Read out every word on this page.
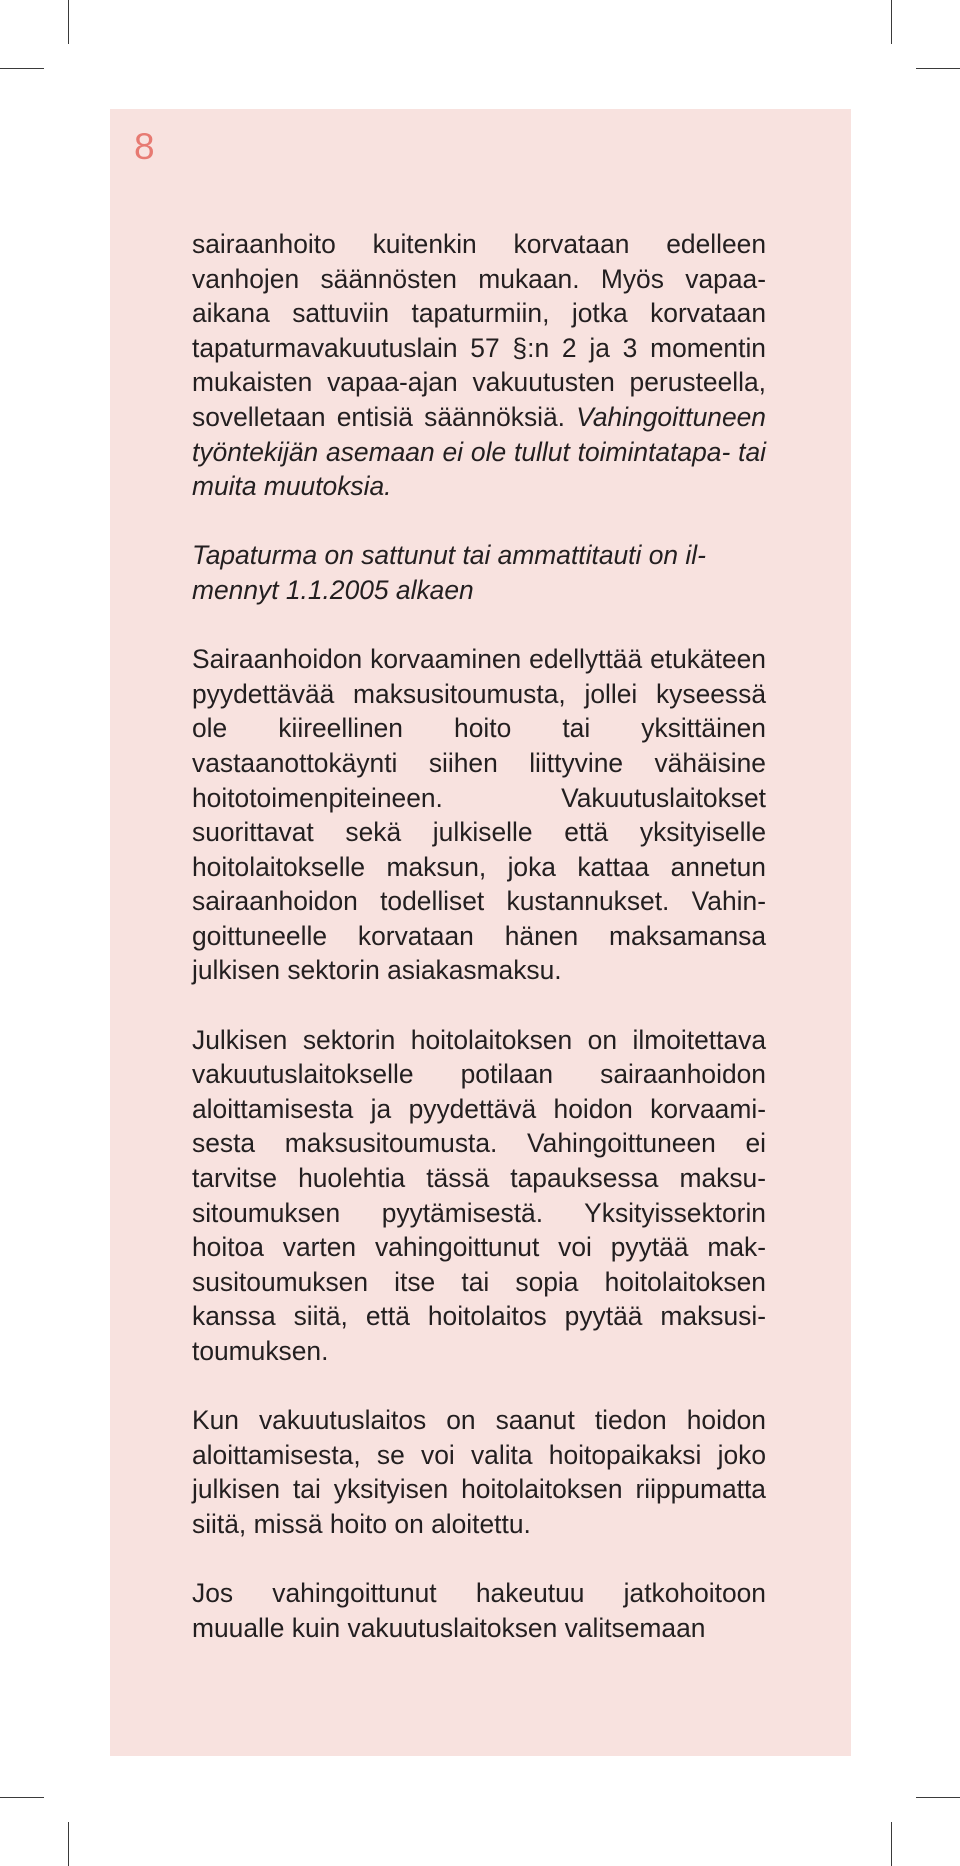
8

sairaanhoito kuitenkin korvataan edelleen vanhojen säännösten mukaan. Myös vapaa-aikana sattuviin tapaturmiin, jotka korvataan tapaturmavakuutuslain 57 §:n 2 ja 3 momentin mukaisten vapaa-ajan vakuutusten perusteella, sovelletaan entisiä säännöksiä. Vahingoittuneen työntekijän asemaan ei ole tullut toimintatapa- tai muita muutoksia.

Tapaturma on sattunut tai ammattitauti on ilmennyt 1.1.2005 alkaen

Sairaanhoidon korvaaminen edellyttää etukäteen pyydettävää maksusitoumusta, jollei kyseessä ole kiireellinen hoito tai yksittäinen vastaanottokäynti siihen liittyvine vähäisine hoitotoimenpiteineen. Vakuutuslaitokset suorittavat sekä julkiselle että yksityiselle hoitolaitokselle maksun, joka kattaa annetun sairaanhoidon todelliset kustannukset. Vahingoittuneelle korvataan hänen maksamansa julkisen sektorin asiakasmaksu.

Julkisen sektorin hoitolaitoksen on ilmoitettava vakuutuslaitokselle potilaan sairaanhoidon aloittamisesta ja pyydettävä hoidon korvaamisesta maksusitoumusta. Vahingoittuneen ei tarvitse huolehtia tässä tapauksessa maksusitoumuksen pyytämisestä. Yksityissektorin hoitoa varten vahingoittunut voi pyytää maksusitoumuksen itse tai sopia hoitolaitoksen kanssa siitä, että hoitolaitos pyytää maksusitoumuksen.

Kun vakuutuslaitos on saanut tiedon hoidon aloittamisesta, se voi valita hoitopaikaksi joko julkisen tai yksityisen hoitolaitoksen riippumatta siitä, missä hoito on aloitettu.

Jos vahingoittunut hakeutuu jatkohoitoon muualle kuin vakuutuslaitoksen valitsemaan
